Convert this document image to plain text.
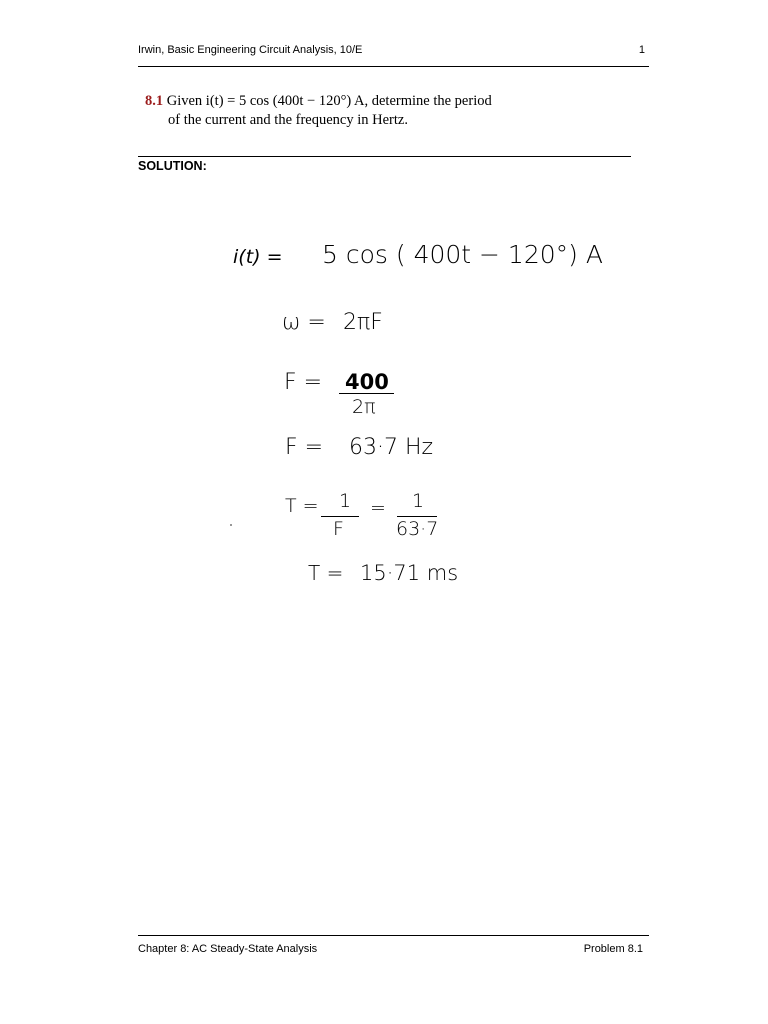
Irwin, Basic Engineering Circuit Analysis, 10/E	1
8.1 Given i(t) = 5 cos (400t − 120°) A, determine the period
of the current and the frequency in Hertz.
SOLUTION:
i(t) = 5 cos ( 400t − 120°) A
ω = 2πF
F = 400
2π
F = 63·7 Hz
T = 1
F
= 1
63·7
T = 15·71 ms
Chapter 8: AC Steady-State Analysis	Problem 8.1
